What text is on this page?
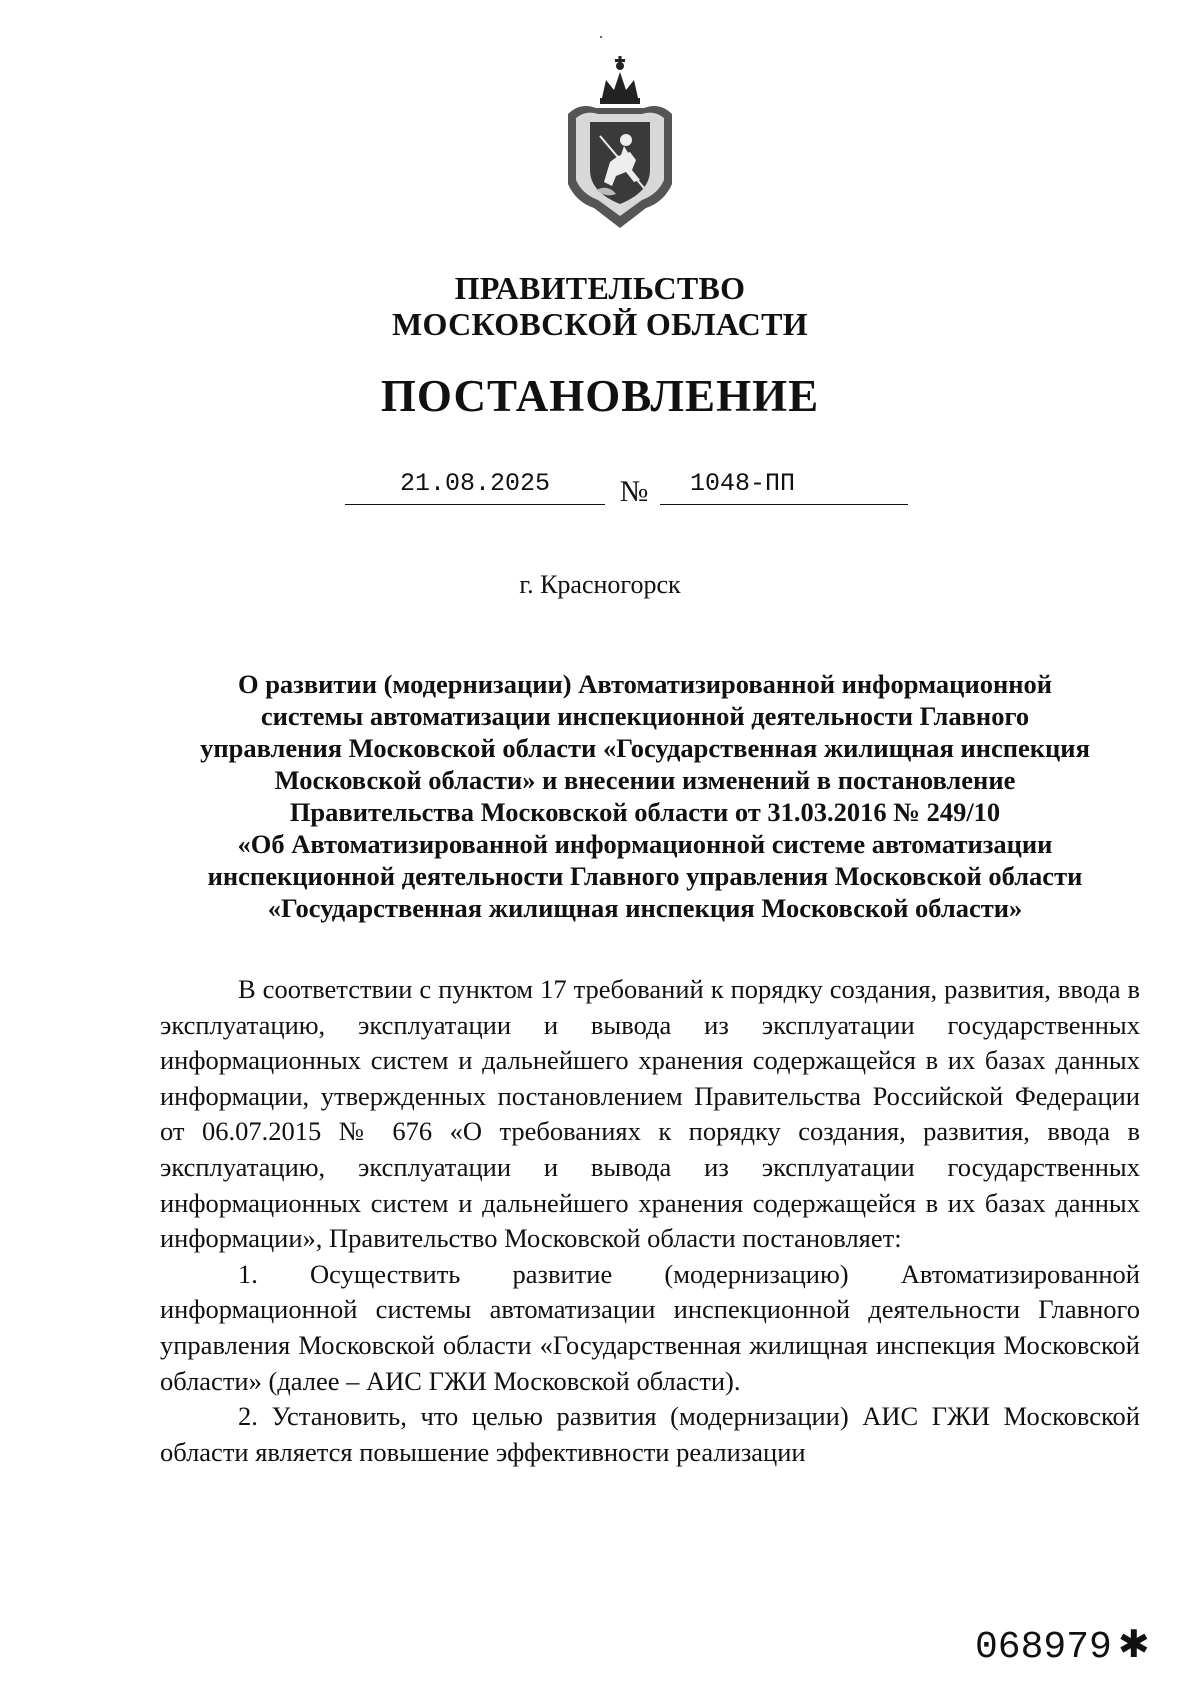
ПРАВИТЕЛЬСТВО
МОСКОВСКОЙ ОБЛАСТИ
ПОСТАНОВЛЕНИЕ
21.08.2025	№	1048-ПП
г. Красногорск
О развитии (модернизации) Автоматизированной информационной
системы автоматизации инспекционной деятельности Главного
управления Московской области «Государственная жилищная инспекция
Московской области» и внесении изменений в постановление
Правительства Московской области от 31.03.2016 № 249/10
«Об Автоматизированной информационной системе автоматизации
инспекционной деятельности Главного управления Московской области
«Государственная жилищная инспекция Московской области»

В соответствии с пунктом 17 требований к порядку создания, развития, ввода в эксплуатацию, эксплуатации и вывода из эксплуатации государственных информационных систем и дальнейшего хранения содержащейся в их базах данных информации, утвержденных постановлением Правительства Российской Федерации от 06.07.2015 № 676 «О требованиях к порядку создания, развития, ввода в эксплуатацию, эксплуатации и вывода из эксплуатации государственных информационных систем и дальнейшего хранения содержащейся в их базах данных информации», Правительство Московской области постановляет:

1. Осуществить развитие (модернизацию) Автоматизированной информационной системы автоматизации инспекционной деятельности Главного управления Московской области «Государственная жилищная инспекция Московской области» (далее – АИС ГЖИ Московской области).

2. Установить, что целью развития (модернизации) АИС ГЖИ Московской области является повышение эффективности реализации

068979 ✱
